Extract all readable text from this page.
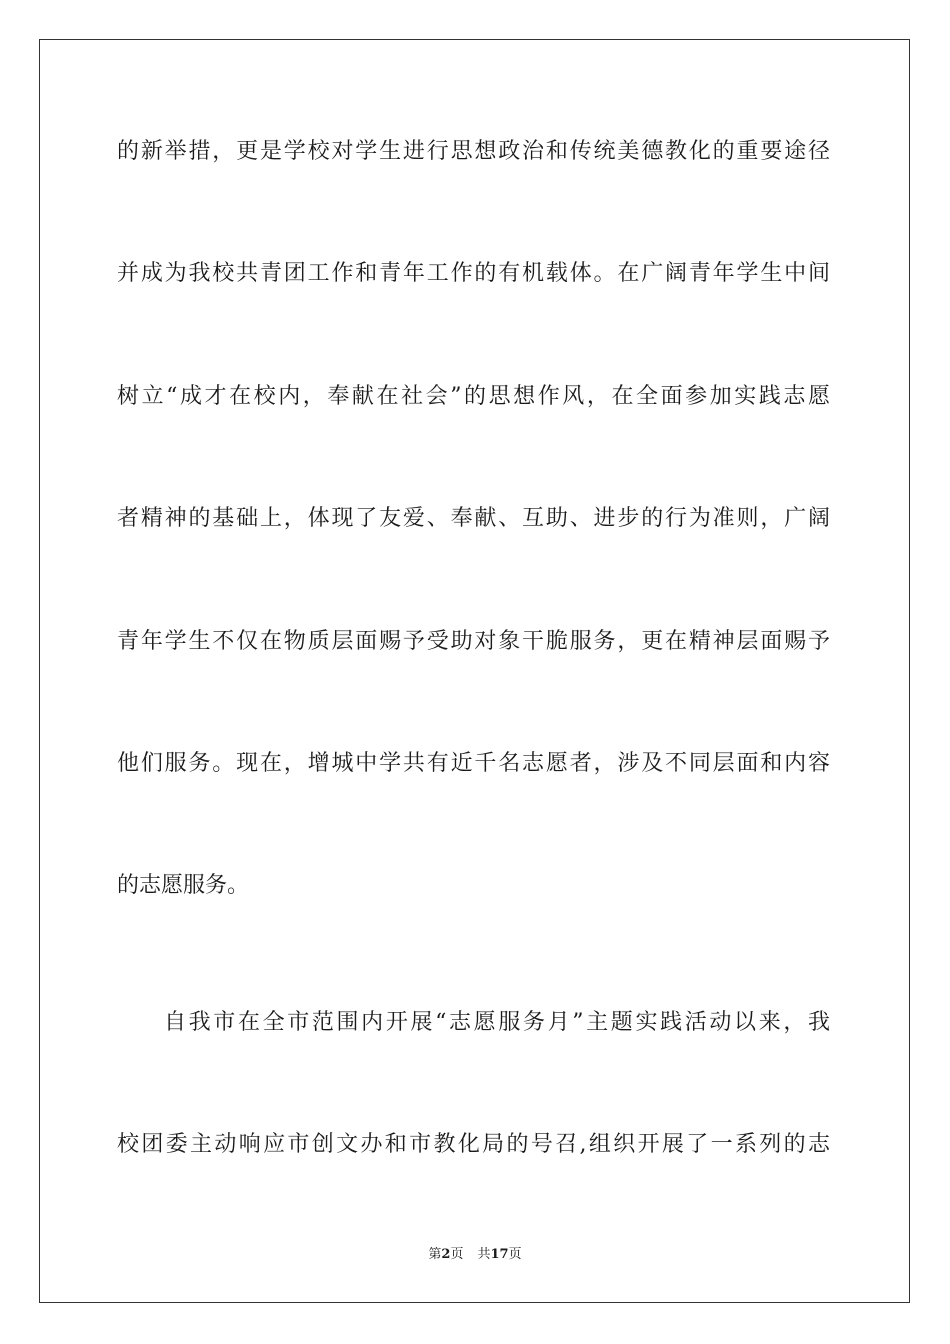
的新举措，更是学校对学生进行思想政治和传统美德教化的重要途径
并成为我校共青团工作和青年工作的有机载体。在广阔青年学生中间
树立“成才在校内，奉献在社会”的思想作风，在全面参加实践志愿
者精神的基础上，体现了友爱、奉献、互助、进步的行为准则，广阔
青年学生不仅在物质层面赐予受助对象干脆服务，更在精神层面赐予
他们服务。现在，增城中学共有近千名志愿者，涉及不同层面和内容
的志愿服务。
自我市在全市范围内开展“志愿服务月”主题实践活动以来，我
校团委主动响应市创文办和市教化局的号召,组织开展了一系列的志
第2页 共17页
